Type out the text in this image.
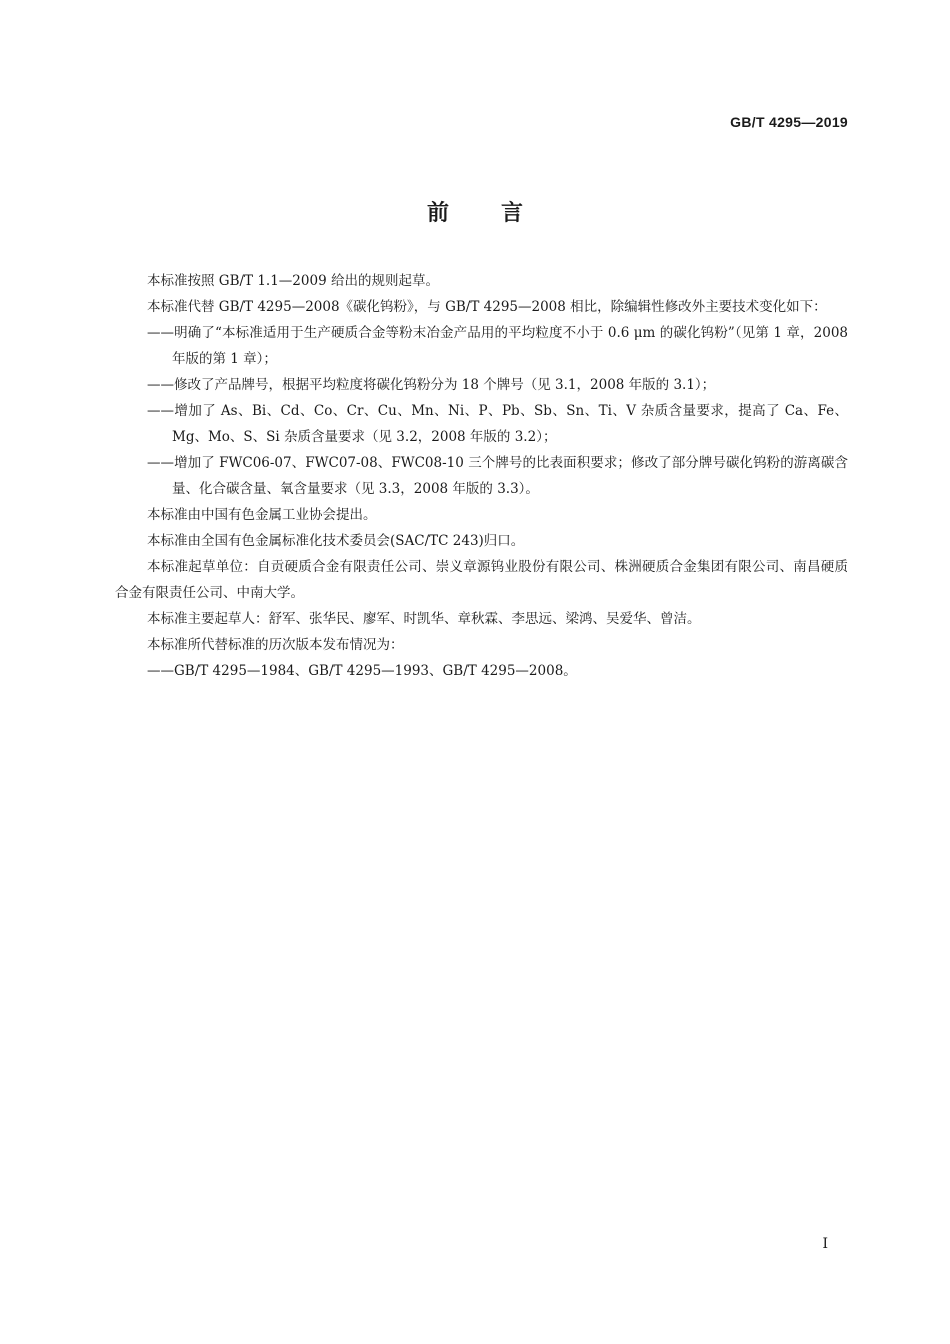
GB/T 4295—2019
前言

本标准按照 GB/T 1.1—2009 给出的规则起草。

本标准代替 GB/T 4295—2008《碳化钨粉》，与 GB/T 4295—2008 相比，除编辑性修改外主要技术变化如下：

——明确了“本标准适用于生产硬质合金等粉末冶金产品用的平均粒度不小于 0.6 μm 的碳化钨粉”（见第 1 章，2008 年版的第 1 章）；

——修改了产品牌号，根据平均粒度将碳化钨粉分为 18 个牌号（见 3.1，2008 年版的 3.1）；

——增加了 As、Bi、Cd、Co、Cr、Cu、Mn、Ni、P、Pb、Sb、Sn、Ti、V 杂质含量要求，提高了 Ca、Fe、Mg、Mo、S、Si 杂质含量要求（见 3.2，2008 年版的 3.2）；

——增加了 FWC06-07、FWC07-08、FWC08-10 三个牌号的比表面积要求；修改了部分牌号碳化钨粉的游离碳含量、化合碳含量、氧含量要求（见 3.3，2008 年版的 3.3）。

本标准由中国有色金属工业协会提出。

本标准由全国有色金属标准化技术委员会(SAC/TC 243)归口。

本标准起草单位：自贡硬质合金有限责任公司、崇义章源钨业股份有限公司、株洲硬质合金集团有限公司、南昌硬质合金有限责任公司、中南大学。

本标准主要起草人：舒军、张华民、廖军、时凯华、章秋霖、李思远、梁鸿、吴爱华、曾洁。

本标准所代替标准的历次版本发布情况为：

——GB/T 4295—1984、GB/T 4295—1993、GB/T 4295—2008。

I
